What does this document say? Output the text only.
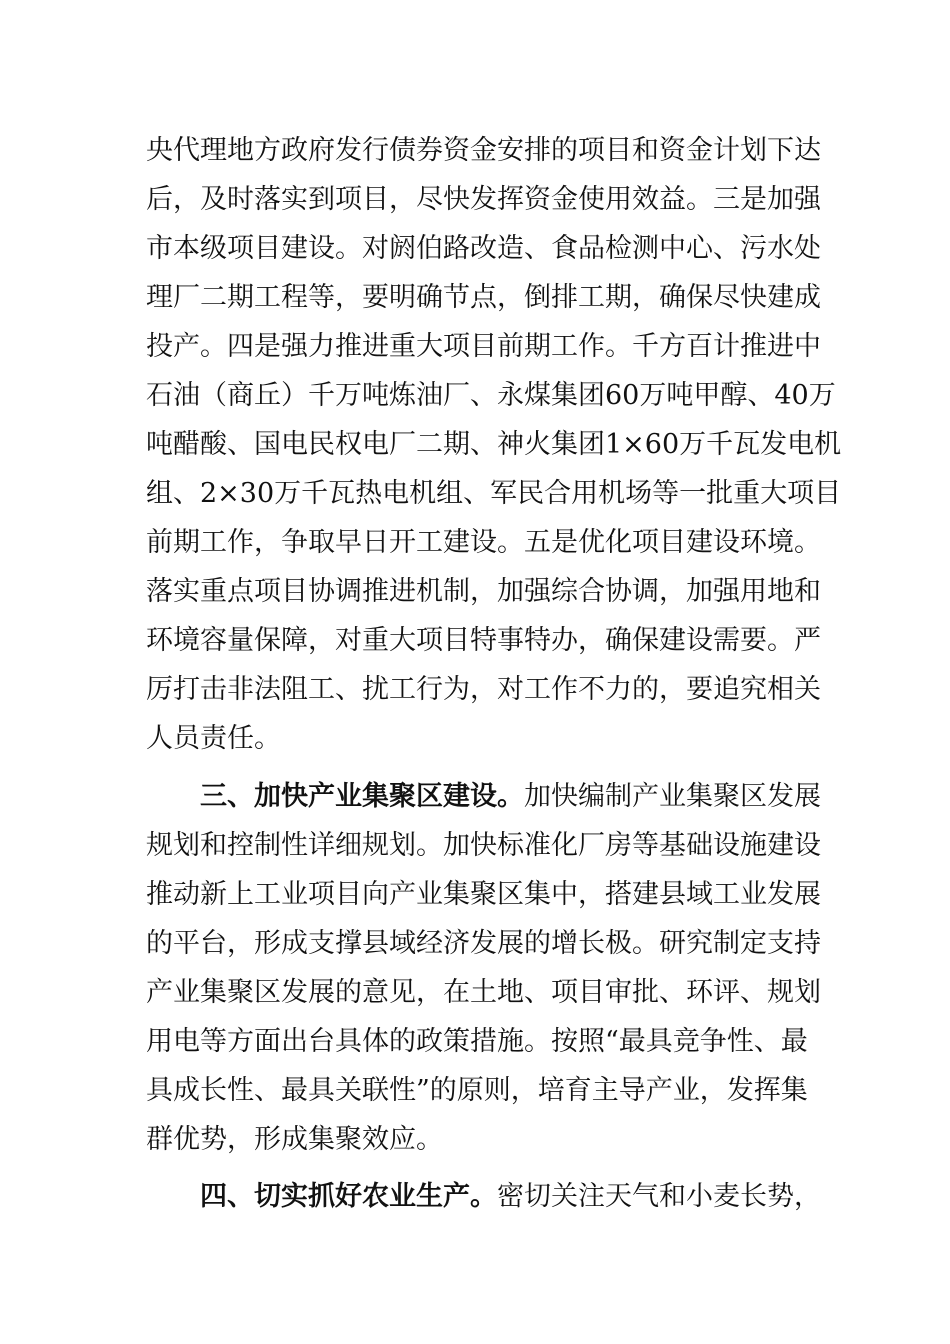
央代理地方政府发行债券资金安排的项目和资金计划下达
后，及时落实到项目，尽快发挥资金使用效益。三是加强
市本级项目建设。对阏伯路改造、食品检测中心、污水处
理厂二期工程等，要明确节点，倒排工期，确保尽快建成
投产。四是强力推进重大项目前期工作。千方百计推进中
石油（商丘）千万吨炼油厂、永煤集团60万吨甲醇、40万
吨醋酸、国电民权电厂二期、神火集团1×60万千瓦发电机
组、2×30万千瓦热电机组、军民合用机场等一批重大项目
前期工作，争取早日开工建设。五是优化项目建设环境。
落实重点项目协调推进机制，加强综合协调，加强用地和
环境容量保障，对重大项目特事特办，确保建设需要。严
厉打击非法阻工、扰工行为，对工作不力的，要追究相关
人员责任。
三、加快产业集聚区建设。加快编制产业集聚区发展
规划和控制性详细规划。加快标准化厂房等基础设施建设
推动新上工业项目向产业集聚区集中，搭建县域工业发展
的平台，形成支撑县域经济发展的增长极。研究制定支持
产业集聚区发展的意见，在土地、项目审批、环评、规划
用电等方面出台具体的政策措施。按照“最具竞争性、最
具成长性、最具关联性”的原则，培育主导产业，发挥集
群优势，形成集聚效应。
四、切实抓好农业生产。密切关注天气和小麦长势，
